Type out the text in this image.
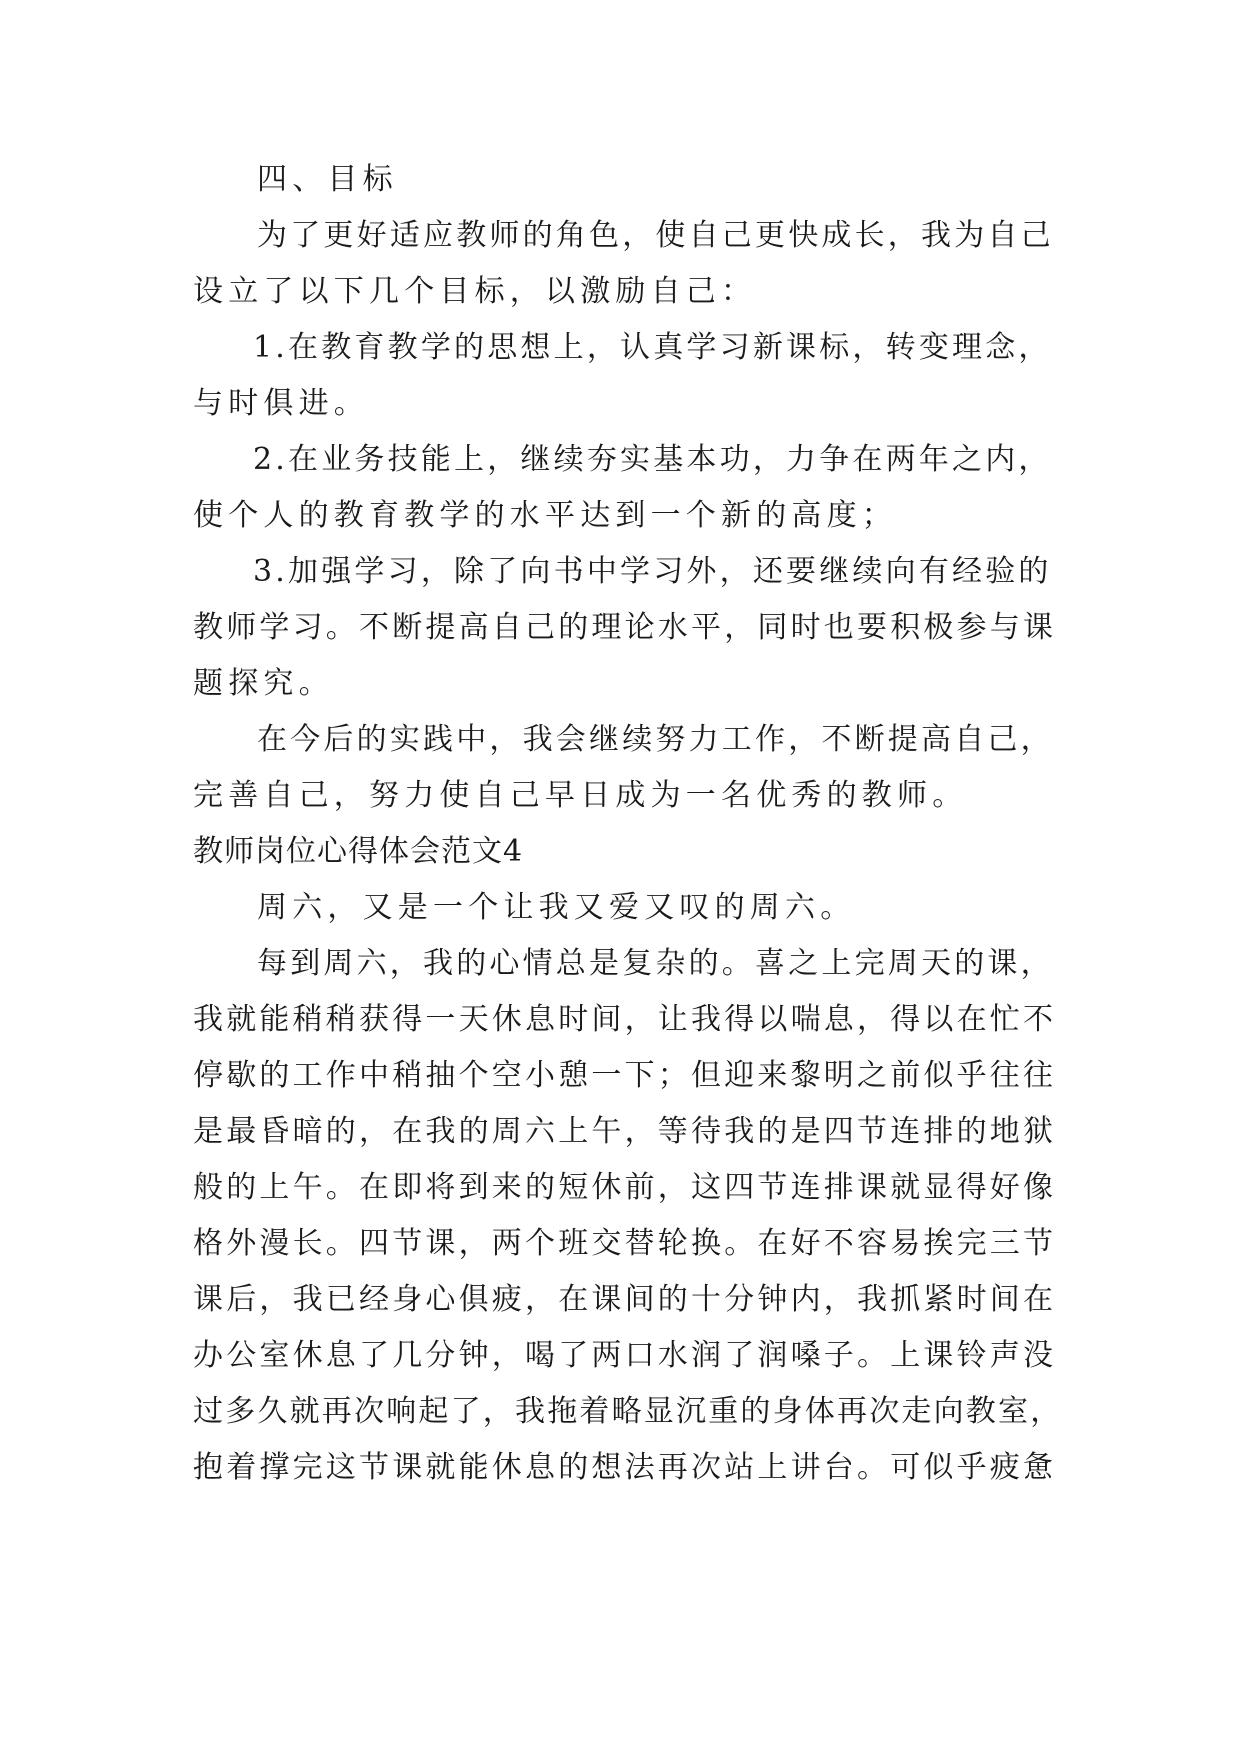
四、目标
为了更好适应教师的角色，使自己更快成长，我为自己
设立了以下几个目标，以激励自己：
1.在教育教学的思想上，认真学习新课标，转变理念，
与时俱进。
2.在业务技能上，继续夯实基本功，力争在两年之内，
使个人的教育教学的水平达到一个新的高度；
3.加强学习，除了向书中学习外，还要继续向有经验的
教师学习。不断提高自己的理论水平，同时也要积极参与课
题探究。
在今后的实践中，我会继续努力工作，不断提高自己，
完善自己，努力使自己早日成为一名优秀的教师。
教师岗位心得体会范文4
周六，又是一个让我又爱又叹的周六。
每到周六，我的心情总是复杂的。喜之上完周天的课，
我就能稍稍获得一天休息时间，让我得以喘息，得以在忙不
停歇的工作中稍抽个空小憩一下；但迎来黎明之前似乎往往
是最昏暗的，在我的周六上午，等待我的是四节连排的地狱
般的上午。在即将到来的短休前，这四节连排课就显得好像
格外漫长。四节课，两个班交替轮换。在好不容易挨完三节
课后，我已经身心俱疲，在课间的十分钟内，我抓紧时间在
办公室休息了几分钟，喝了两口水润了润嗓子。上课铃声没
过多久就再次响起了，我拖着略显沉重的身体再次走向教室，
抱着撑完这节课就能休息的想法再次站上讲台。可似乎疲惫
